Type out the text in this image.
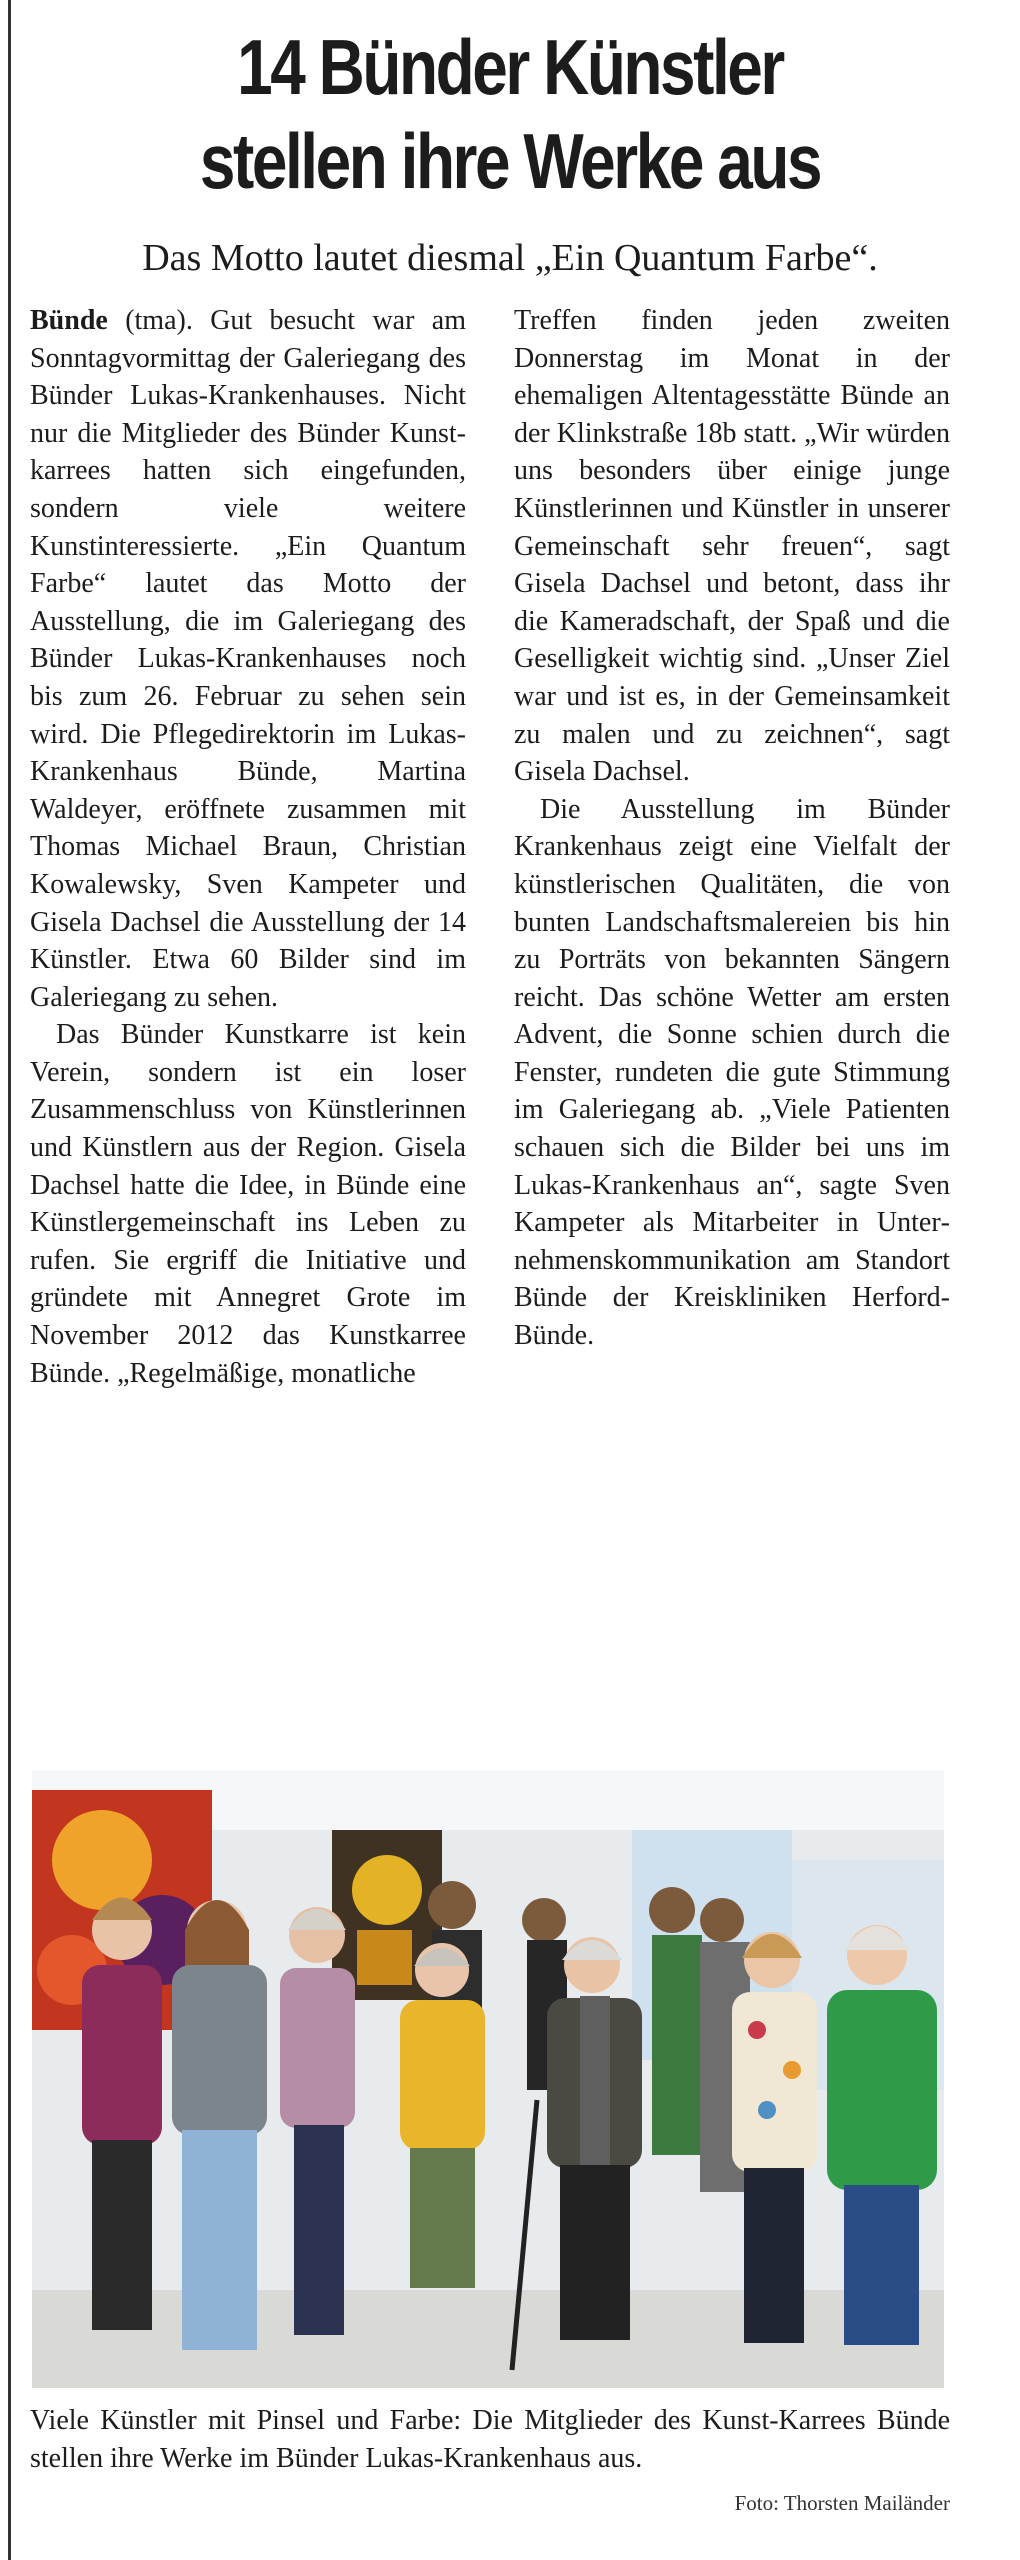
14 Bünder Künstler
stellen ihre Werke aus
Das Motto lautet diesmal „Ein Quantum Farbe“.

Bünde (tma). Gut besucht war am Sonntagvormittag der Galeriegang des Bünder Lukas-Krankenhauses. Nicht nur die Mitglieder des Bünder Kunstkarrees hatten sich eingefunden, sondern viele weitere Kunstinteressierte. „Ein Quantum Farbe“ lautet das Motto der Ausstellung, die im Galeriegang des Bünder Lukas-Krankenhauses noch bis zum 26. Februar zu sehen sein wird. Die Pflegedirektorin im Lukas-Krankenhaus Bünde, Martina Waldeyer, eröffnete zusammen mit Thomas Michael Braun, Christian Kowalewsky, Sven Kampeter und Gisela Dachsel die Ausstellung der 14 Künstler. Etwa 60 Bilder sind im Galeriegang zu sehen.

Das Bünder Kunstkarre ist kein Verein, sondern ist ein loser Zusammenschluss von Künstlerinnen und Künstlern aus der Region. Gisela Dachsel hatte die Idee, in Bünde eine Künstlergemeinschaft ins Leben zu rufen. Sie ergriff die Initiative und gründete mit Annegret Grote im November 2012 das Kunstkarree Bünde. „Regelmäßige, monatliche

Treffen finden jeden zweiten Donnerstag im Monat in der ehemaligen Altentagesstätte Bünde an der Klinkstraße 18b statt. „Wir würden uns besonders über einige junge Künstlerinnen und Künstler in unserer Gemeinschaft sehr freuen“, sagt Gisela Dachsel und betont, dass ihr die Kameradschaft, der Spaß und die Geselligkeit wichtig sind. „Unser Ziel war und ist es, in der Gemeinsamkeit zu malen und zu zeichnen“, sagt Gisela Dachsel.

Die Ausstellung im Bünder Krankenhaus zeigt eine Vielfalt der künstlerischen Qualitäten, die von bunten Landschaftsmalereien bis hin zu Porträts von bekannten Sängern reicht. Das schöne Wetter am ersten Advent, die Sonne schien durch die Fenster, rundeten die gute Stimmung im Galeriegang ab. „Viele Patienten schauen sich die Bilder bei uns im Lukas-Krankenhaus an“, sagte Sven Kampeter als Mitarbeiter in Unternehmenskommunikation am Standort Bünde der Kreiskliniken Herford-Bünde.

Viele Künstler mit Pinsel und Farbe: Die Mitglieder des Kunst-Karrees Bünde stellen ihre Werke im Bünder Lukas-Krankenhaus aus.
Foto: Thorsten Mailänder
